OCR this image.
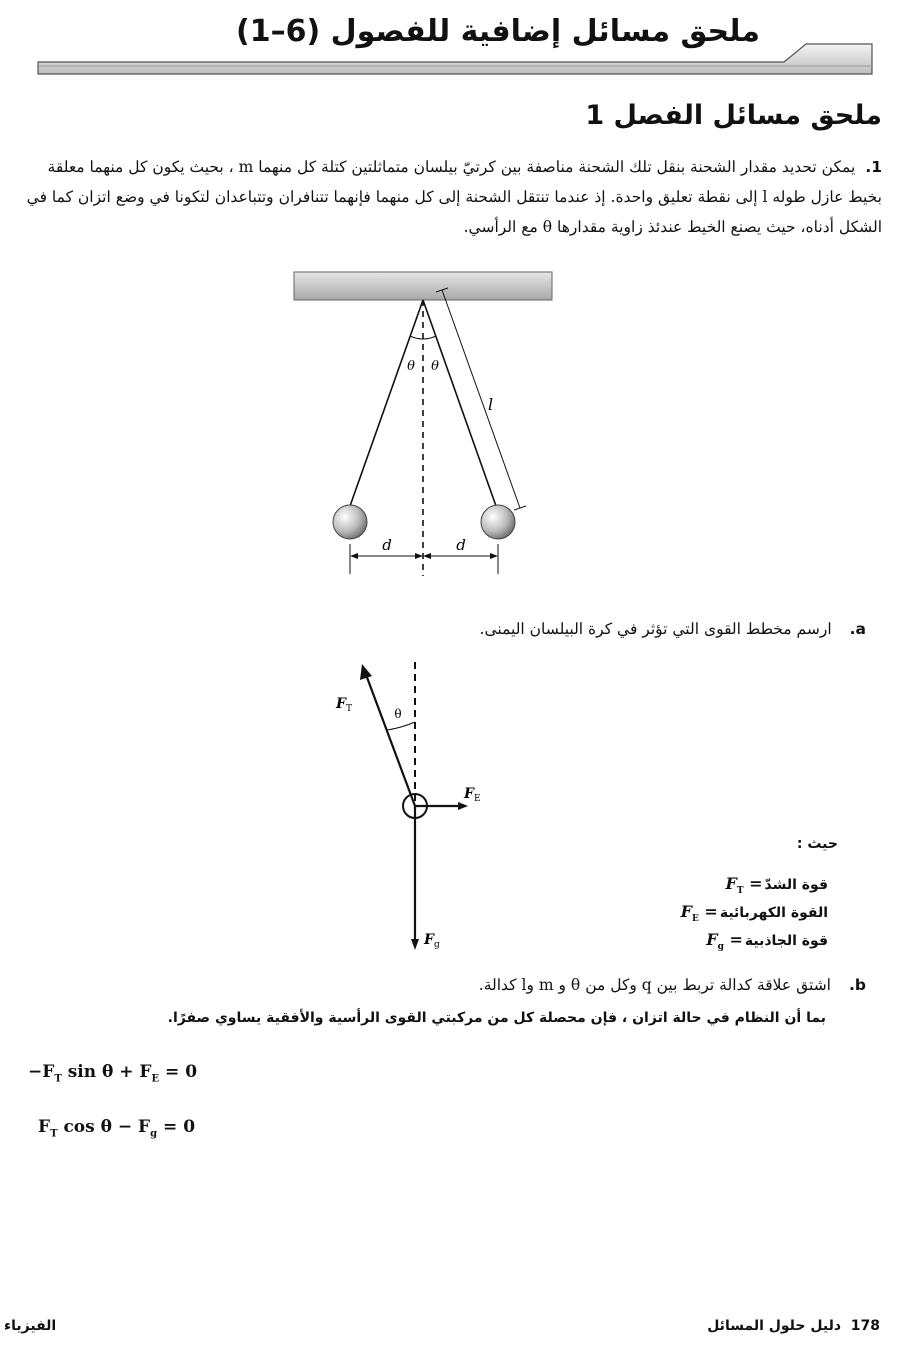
ملحق مسائل إضافية للفصول (6–1)
ملحق مسائل الفصل 1
1.يمكن تحديد مقدار الشحنة بنقل تلك الشحنة مناصفة بين كرتيّ بيلسان متماثلتين كتلة كل منهما m ، بحيث يكون كل منهما معلقة بخيط عازل طوله l إلى نقطة تعليق واحدة. إذ عندما تنتقل الشحنة إلى كل منهما فإنهما تتنافران وتتباعدان لتكونا في وضع اتزان كما في الشكل أدناه، حيث يصنع الخيط عندئذ زاوية مقدارها θ مع الرأسي.
θ θ
l
d	d
a.ارسم مخطط القوى التي تؤثر في كرة البيلسان اليمنى.
θ
$F_T$
$F_E$
$F_g$
حيث :
قوة الشدّ
$F_T$ =
القوة الكهربائية
$F_E$ =
قوة الجاذبية
$F_g$ =
b.اشتق علاقة كدالة تربط بين q وكل من θ و m وl كدالة.
بما أن النظام في حالة اتزان ، فإن محصلة كل من مركبتي القوى الرأسية والأفقية يساوي صفرًا.
$-F_T$ $\sin \theta + F_E = 0$
$F_T$ $\cos \theta - F_g = 0$
178  دليل حلول المسائل
الفيزياء
